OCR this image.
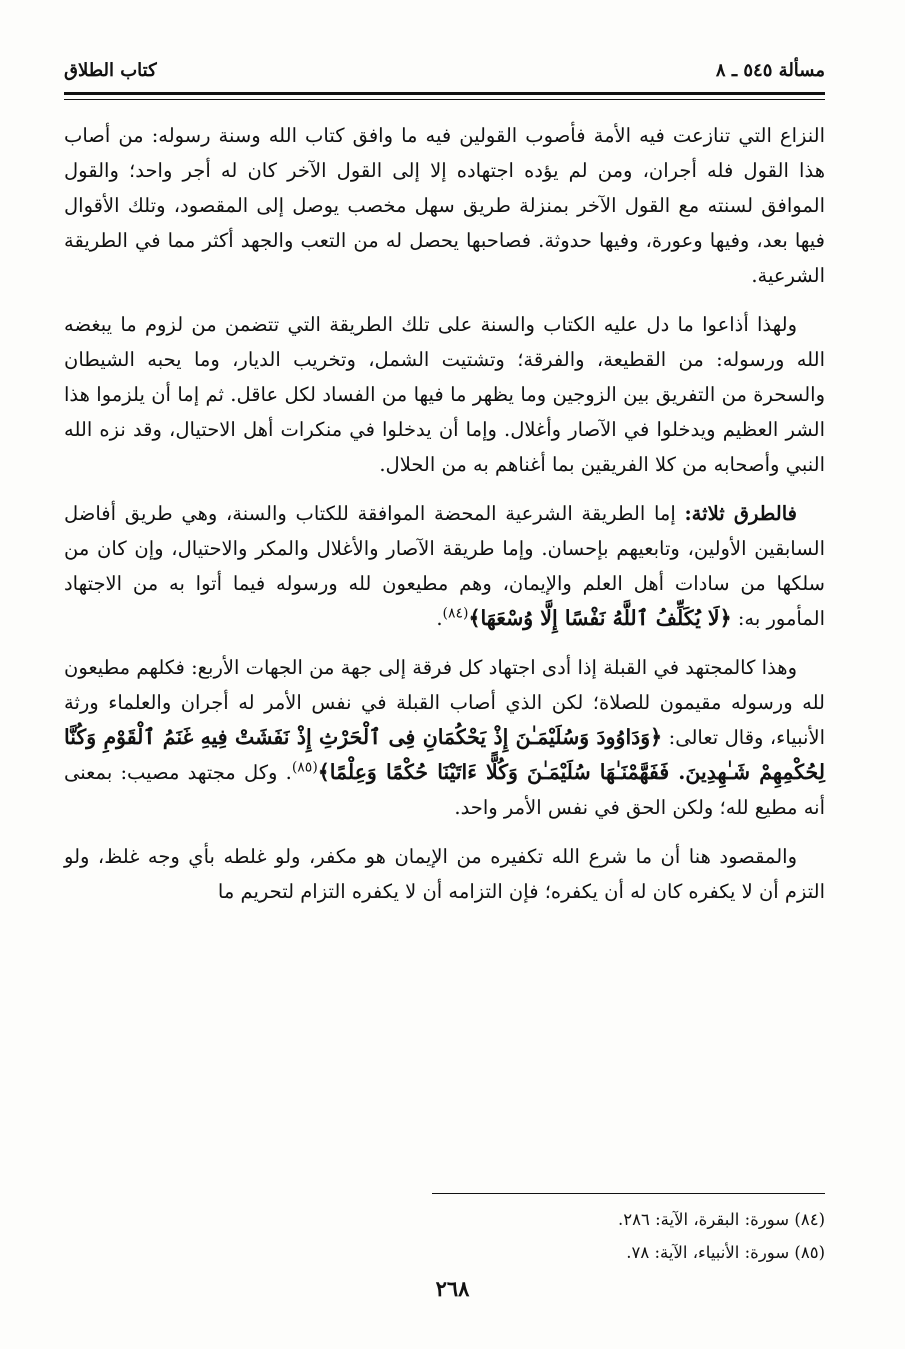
مسألة ٥٤٥ ـ ٨
كتاب الطلاق

النزاع التي تنازعت فيه الأمة فأصوب القولين فيه ما وافق كتاب الله وسنة رسوله: من أصاب هذا القول فله أجران، ومن لم يؤده اجتهاده إلا إلى القول الآخر كان له أجر واحد؛ والقول الموافق لسنته مع القول الآخر بمنزلة طريق سهل مخصب يوصل إلى المقصود، وتلك الأقوال فيها بعد، وفيها وعورة، وفيها حدوثة. فصاحبها يحصل له من التعب والجهد أكثر مما في الطريقة الشرعية.

ولهذا أذاعوا ما دل عليه الكتاب والسنة على تلك الطريقة التي تتضمن من لزوم ما يبغضه الله ورسوله: من القطيعة، والفرقة؛ وتشتيت الشمل، وتخريب الديار، وما يحبه الشيطان والسحرة من التفريق بين الزوجين وما يظهر ما فيها من الفساد لكل عاقل. ثم إما أن يلزموا هذا الشر العظيم ويدخلوا في الآصار وأغلال. وإما أن يدخلوا في منكرات أهل الاحتيال، وقد نزه الله النبي وأصحابه من كلا الفريقين بما أغناهم به من الحلال.

فالطرق ثلاثة: إما الطريقة الشرعية المحضة الموافقة للكتاب والسنة، وهي طريق أفاضل السابقين الأولين، وتابعيهم بإحسان. وإما طريقة الآصار والأغلال والمكر والاحتيال، وإن كان من سلكها من سادات أهل العلم والإيمان، وهم مطيعون لله ورسوله فيما أتوا به من الاجتهاد المأمور به: ﴿لَا يُكَلِّفُ ٱللَّهُ نَفْسًا إِلَّا وُسْعَهَا﴾$^{(٨٤)}$.

وهذا كالمجتهد في القبلة إذا أدى اجتهاد كل فرقة إلى جهة من الجهات الأربع: فكلهم مطيعون لله ورسوله مقيمون للصلاة؛ لكن الذي أصاب القبلة في نفس الأمر له أجران والعلماء ورثة الأنبياء، وقال تعالى: ﴿وَدَاوُودَ وَسُلَيْمَـٰنَ إِذْ يَحْكُمَانِ فِى ٱلْحَرْثِ إِذْ نَفَشَتْ فِيهِ غَنَمُ ٱلْقَوْمِ وَكُنَّا لِحُكْمِهِمْ شَـٰهِدِينَ. فَفَهَّمْنَـٰهَا سُلَيْمَـٰنَ وَكُلًّا ءَاتَيْنَا حُكْمًا وَعِلْمًا﴾$^{(٨٥)}$. وكل مجتهد مصيب: بمعنى أنه مطيع لله؛ ولكن الحق في نفس الأمر واحد.

والمقصود هنا أن ما شرع الله تكفيره من الإيمان هو مكفر، ولو غلطه بأي وجه غلظ، ولو التزم أن لا يكفره كان له أن يكفره؛ فإن التزامه أن لا يكفره التزام لتحريم ما

(٨٤) سورة: البقرة، الآية: ٢٨٦.

(٨٥) سورة: الأنبياء، الآية: ٧٨.

٢٦٨
